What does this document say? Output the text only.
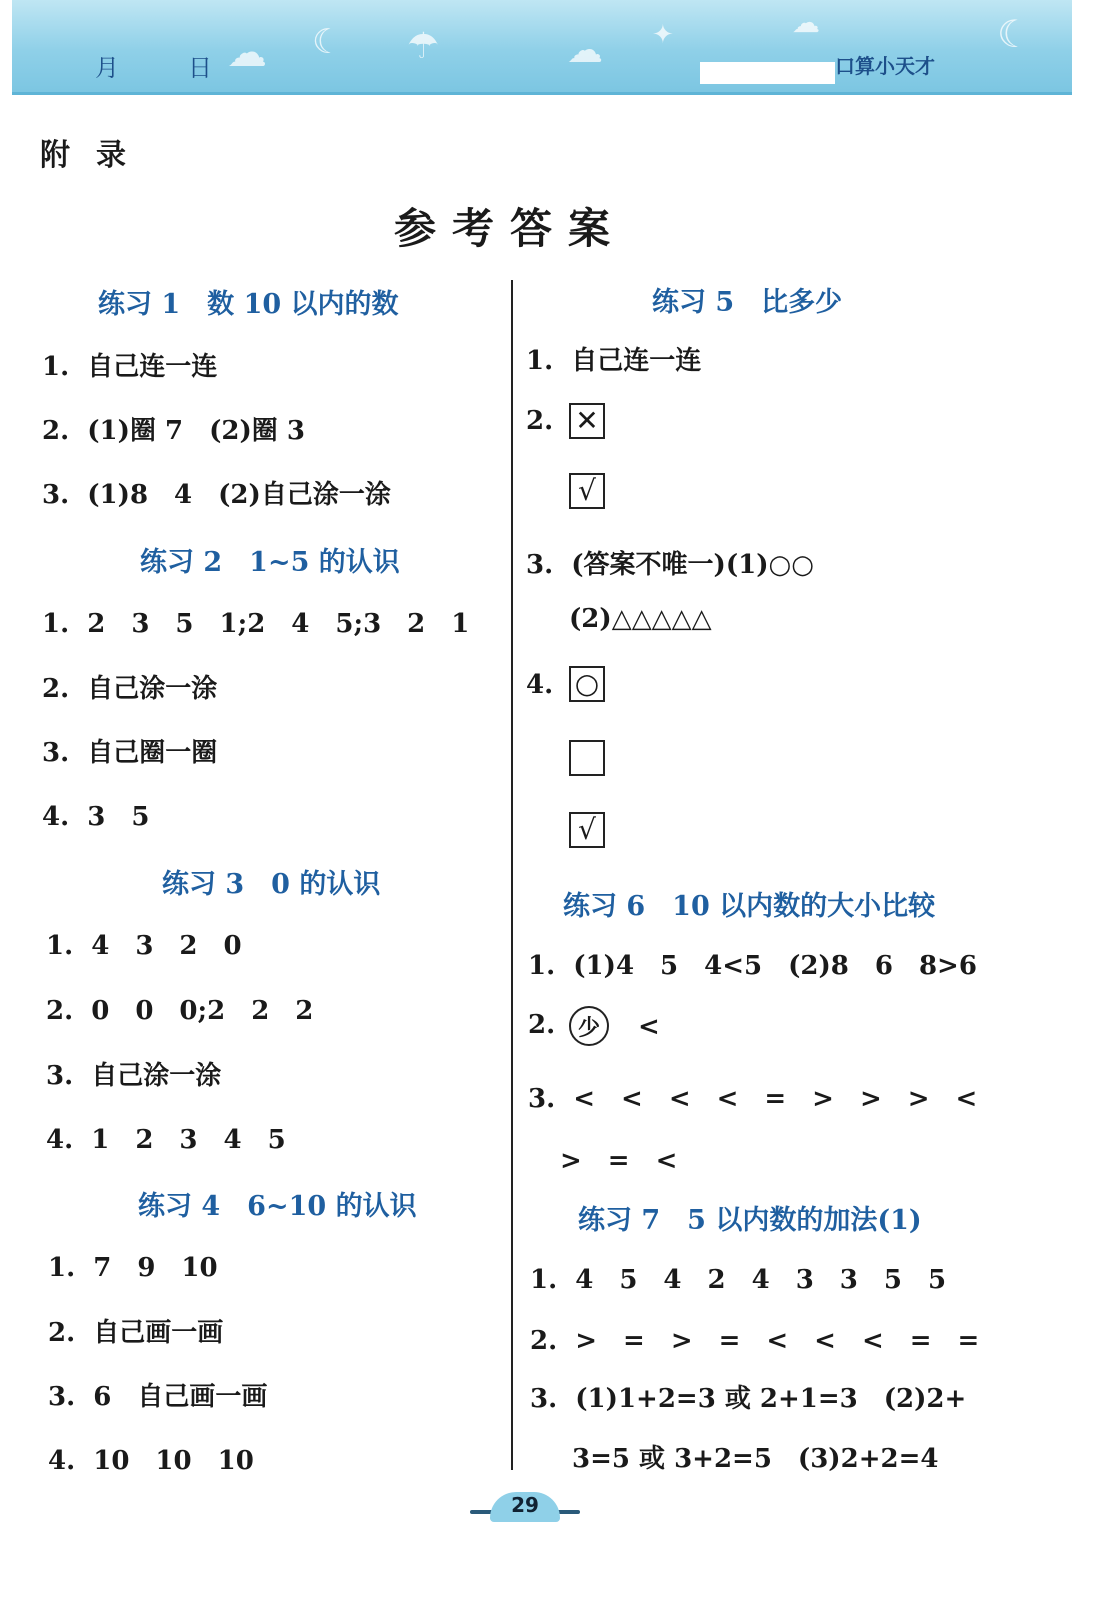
☁ ☾ ☂	☁ ✦	☁	☾
月	日	口算小天才
附录
参考答案
练习 1　数 10 以内的数
1.  自己连一连
2.  (1)圈 7　(2)圈 3
3.  (1)8　4　(2)自己涂一涂
练习 2　1~5 的认识
1.  2　3　5　1;2　4　5;3　2　1
2.  自己涂一涂
3.  自己圈一圈
4.  3　5
练习 3　0 的认识
1.  4　3　2　0
2.  0　0　0;2　2　2
3.  自己涂一涂
4.  1　2　3　4　5
练习 4　6~10 的认识
1.  7　9　10
2.  自己画一画
3.  6　自己画一画
4.  10　10　10
练习 5　比多少
1.  自己连一连
2. ✕
√
3.  (答案不唯一)(1)○○
(2)△△△△△
4. ○
√
练习 6　10 以内数的大小比较
1.  (1)4　5　4<5　(2)8　6　8>6
2.	少	<
3.  <　<　<　<　=　>　>　>　<
>　=　<
练习 7　5 以内数的加法(1)
1.  4　5　4　2　4　3　3　5　5
2.  >　=　>　=　<　<　<　=　=
3.  (1)1+2=3 或 2+1=3　(2)2+
3=5 或 3+2=5　(3)2+2=4
29
